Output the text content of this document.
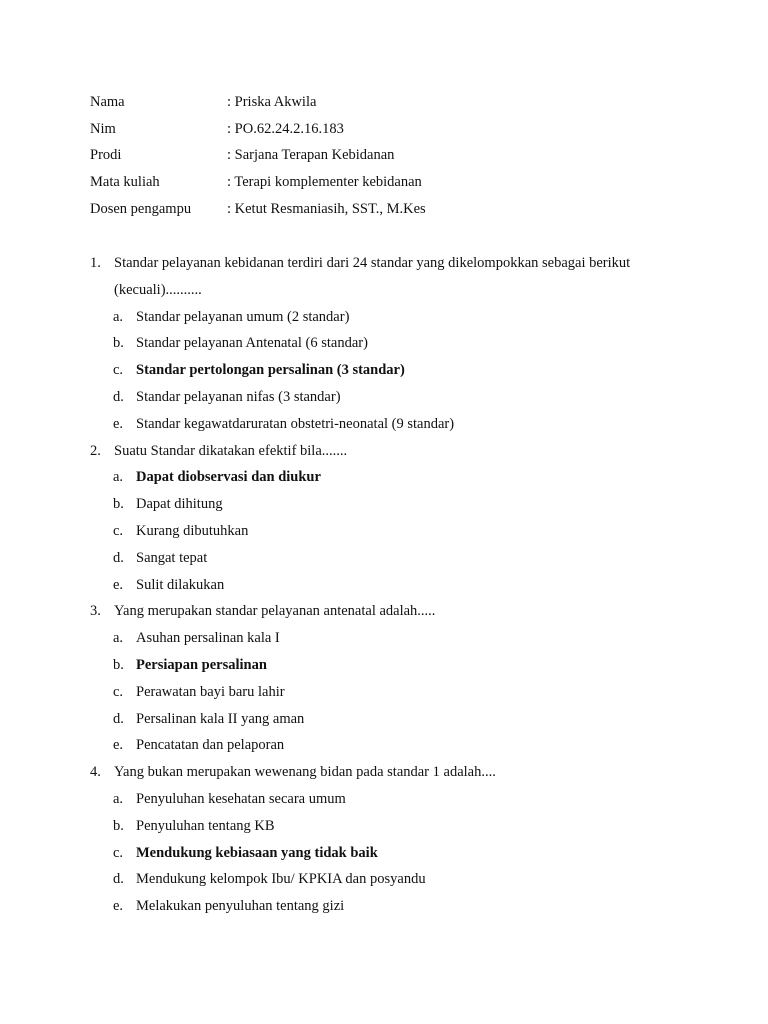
Nama	: Priska Akwila
Nim	: PO.62.24.2.16.183
Prodi	: Sarjana Terapan Kebidanan
Mata kuliah	: Terapi komplementer kebidanan
Dosen pengampu	: Ketut Resmaniasih, SST., M.Kes
1. Standar pelayanan kebidanan terdiri dari 24 standar yang dikelompokkan sebagai berikut
(kecuali)..........
a. Standar pelayanan umum (2 standar)
b. Standar pelayanan Antenatal (6 standar)
c. Standar pertolongan persalinan (3 standar)
d. Standar pelayanan nifas (3 standar)
e. Standar kegawatdaruratan obstetri-neonatal (9 standar)
2. Suatu Standar dikatakan efektif bila.......
a. Dapat diobservasi dan diukur
b. Dapat dihitung
c. Kurang dibutuhkan
d. Sangat tepat
e. Sulit dilakukan
3. Yang merupakan standar pelayanan antenatal adalah.....
a. Asuhan persalinan kala I
b. Persiapan persalinan
c. Perawatan bayi baru lahir
d. Persalinan kala II yang aman
e. Pencatatan dan pelaporan
4. Yang bukan merupakan wewenang bidan pada standar 1 adalah....
a. Penyuluhan kesehatan secara umum
b. Penyuluhan tentang KB
c. Mendukung kebiasaan yang tidak baik
d. Mendukung kelompok Ibu/ KPKIA dan posyandu
e. Melakukan penyuluhan tentang gizi
